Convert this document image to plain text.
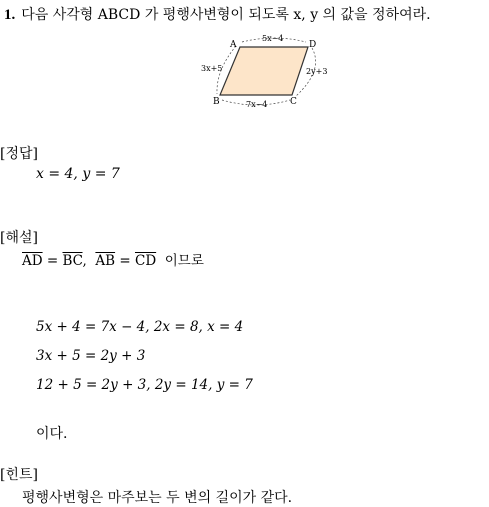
1. 다음 사각형 ABCD 가 평행사변형이 되도록 x, y 의 값을 정하여라.
A	D
B	C
5x−4
3x+5	2y+3
7x−4
[정답]
x = 4, y = 7
[해설]
$\overline{AD} = \overline{BC}$, $\overline{AB} = \overline{CD}$ 이므로
5x + 4 = 7x − 4, 2x = 8, x = 4
3x + 5 = 2y + 3
12 + 5 = 2y + 3, 2y = 14, y = 7
이다.
[힌트]
평행사변형은 마주보는 두 변의 길이가 같다.
